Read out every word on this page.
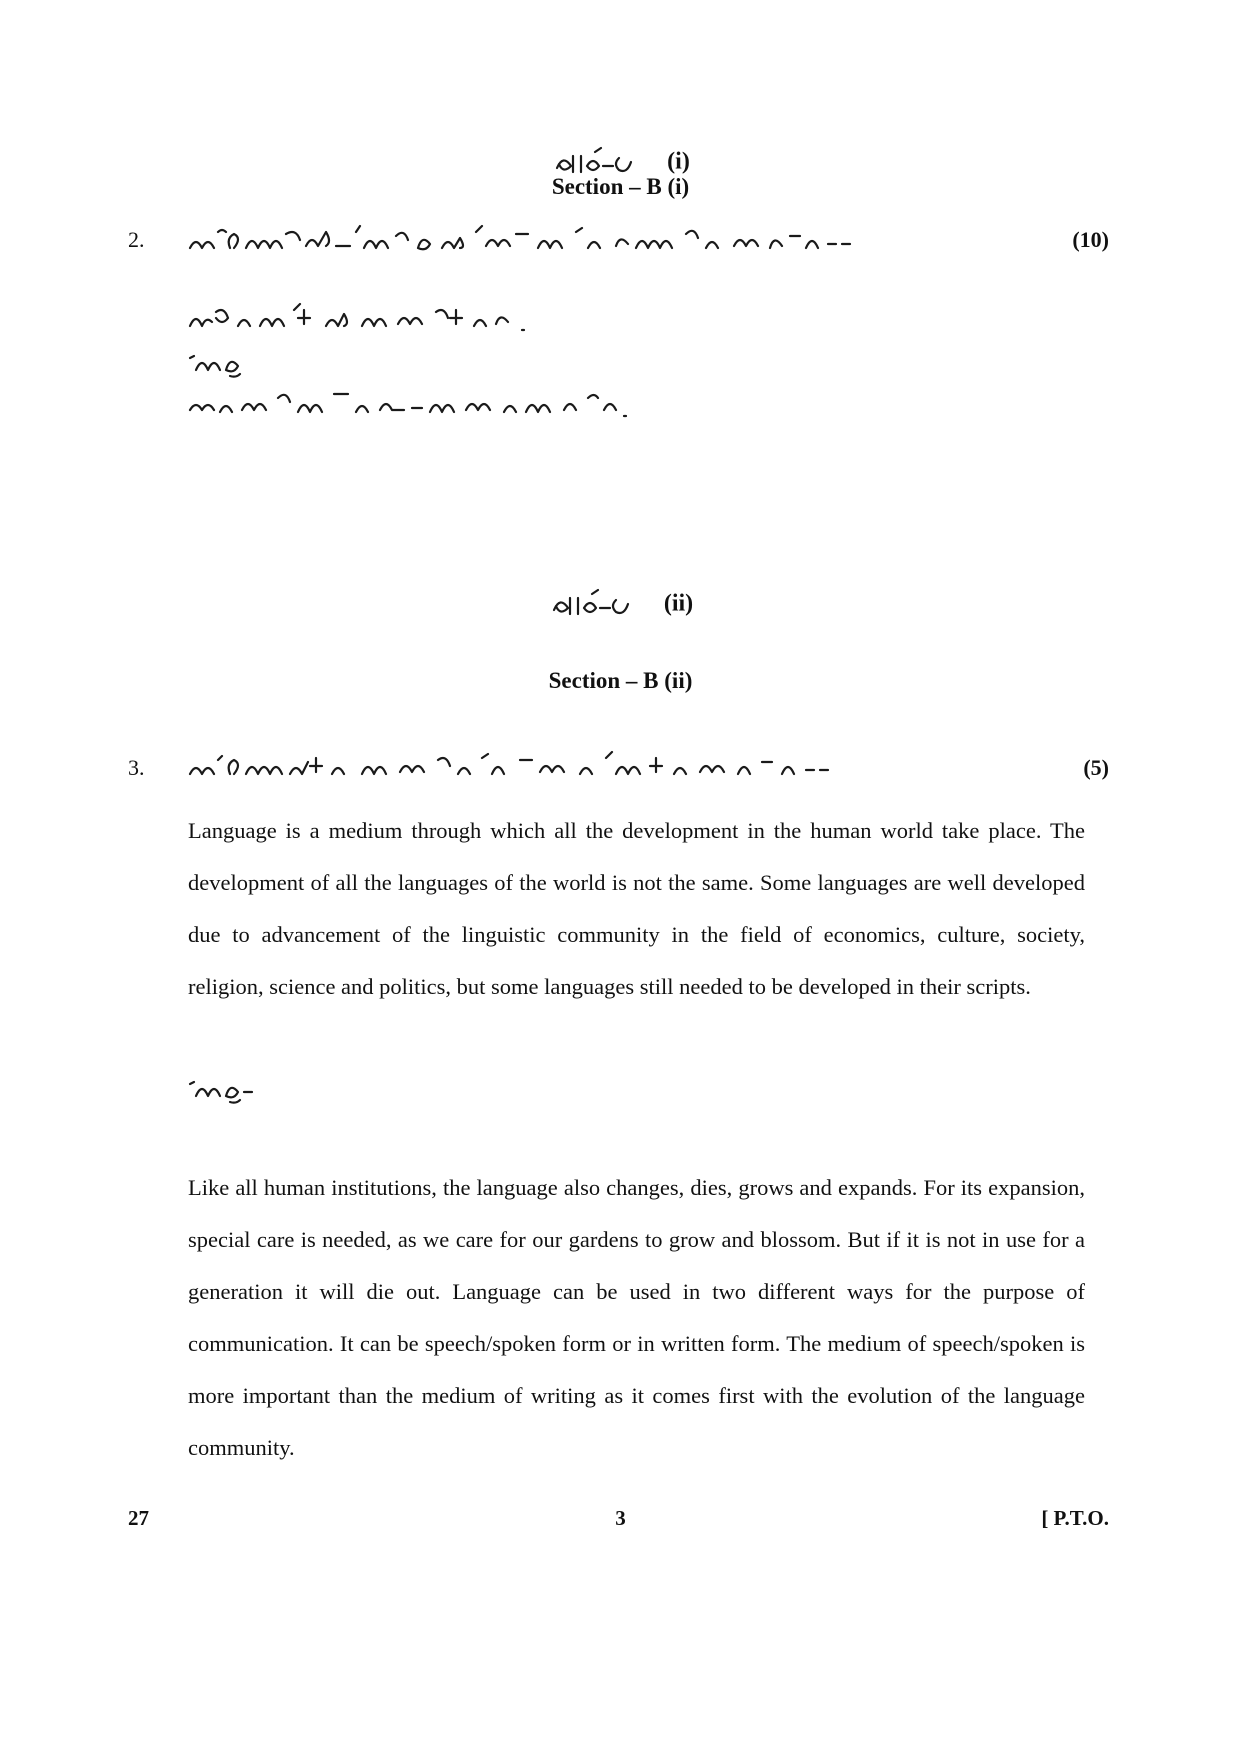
(i)
Section – B (i)
2.	(10)
(ii)
Section – B (ii)
3.	(5)
Language is a medium through which all the development in the human world take place. The development of all the languages of the world is not the same. Some languages are well developed due to advancement of the linguistic community in the field of economics, culture, society, religion, science and politics, but some languages still needed to be developed in their scripts.
Like all human institutions, the language also changes, dies, grows and expands. For its expansion, special care is needed, as we care for our gardens to grow and blossom. But if it is not in use for a generation it will die out. Language can be used in two different ways for the purpose of communication. It can be speech/spoken form or in written form. The medium of speech/spoken is more important than the medium of writing as it comes first with the evolution of the language community.
27	3	[ P.T.O.
